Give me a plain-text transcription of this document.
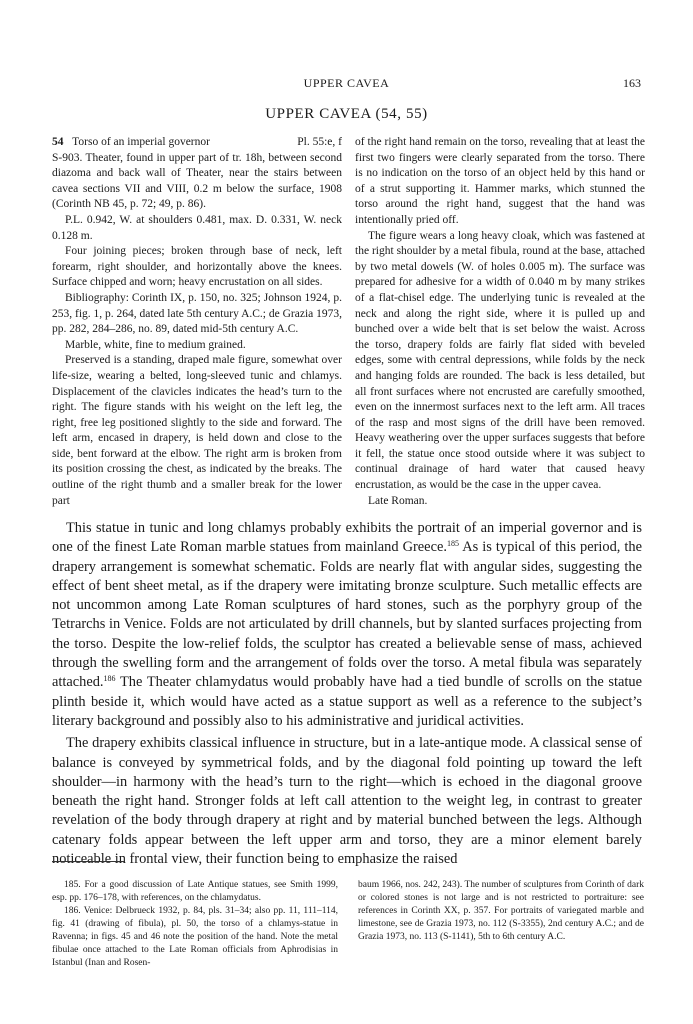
UPPER CAVEA	163
UPPER CAVEA (54, 55)
54 Torso of an imperial governor	Pl. 55:e, f

S-903. Theater, found in upper part of tr. 18h, between second diazoma and back wall of Theater, near the stairs between cavea sections VII and VIII, 0.2 m below the surface, 1908 (Corinth NB 45, p. 72; 49, p. 86).

P.L. 0.942, W. at shoulders 0.481, max. D. 0.331, W. neck 0.128 m.

Four joining pieces; broken through base of neck, left forearm, right shoulder, and horizontally above the knees. Surface chipped and worn; heavy encrustation on all sides.

Bibliography: Corinth IX, p. 150, no. 325; Johnson 1924, p. 253, fig. 1, p. 264, dated late 5th century A.C.; de Grazia 1973, pp. 282, 284–286, no. 89, dated mid-5th century A.C.

Marble, white, fine to medium grained.

Preserved is a standing, draped male figure, somewhat over life-size, wearing a belted, long-sleeved tunic and chlamys. Displacement of the clavicles indicates the head’s turn to the right. The figure stands with his weight on the left leg, the right, free leg positioned slightly to the side and forward. The left arm, encased in drapery, is held down and close to the side, bent forward at the elbow. The right arm is broken from its position crossing the chest, as indicated by the breaks. The outline of the right thumb and a smaller break for the lower part

of the right hand remain on the torso, revealing that at least the first two fingers were clearly separated from the torso. There is no indication on the torso of an object held by this hand or of a strut supporting it. Hammer marks, which stunned the torso around the right hand, suggest that the hand was intentionally pried off.

The figure wears a long heavy cloak, which was fastened at the right shoulder by a metal fibula, round at the base, attached by two metal dowels (W. of holes 0.005 m). The surface was prepared for adhesive for a width of 0.040 m by many strikes of a flat-chisel edge. The underlying tunic is revealed at the neck and along the right side, where it is pulled up and bunched over a wide belt that is set below the waist. Across the torso, drapery folds are fairly flat sided with beveled edges, some with central depressions, while folds by the neck and hanging folds are rounded. The back is less detailed, but all front surfaces where not encrusted are carefully smoothed, even on the innermost surfaces next to the left arm. All traces of the rasp and most signs of the drill have been removed. Heavy weathering over the upper surfaces suggests that before it fell, the statue once stood outside where it was subject to continual drainage of hard water that caused heavy encrustation, as would be the case in the upper cavea.

Late Roman.

This statue in tunic and long chlamys probably exhibits the portrait of an imperial governor and is one of the finest Late Roman marble statues from mainland Greece.$^{185}$ As is typical of this period, the drapery arrangement is somewhat schematic. Folds are nearly flat with angular sides, suggesting the effect of bent sheet metal, as if the drapery were imitating bronze sculpture. Such metallic effects are not uncommon among Late Roman sculptures of hard stones, such as the porphyry group of the Tetrarchs in Venice. Folds are not articulated by drill channels, but by slanted surfaces projecting from the torso. Despite the low-relief folds, the sculptor has created a believable sense of mass, achieved through the swelling form and the arrangement of folds over the torso. A metal fibula was separately attached.$^{186}$ The Theater chlamydatus would probably have had a tied bundle of scrolls on the statue plinth beside it, which would have acted as a statue support as well as a reference to the subject’s literary background and possibly also to his administrative and juridical activities.

The drapery exhibits classical influence in structure, but in a late-antique mode. A classical sense of balance is conveyed by symmetrical folds, and by the diagonal fold pointing up toward the left shoulder—in harmony with the head’s turn to the right—which is echoed in the diagonal groove beneath the right hand. Stronger folds at left call attention to the weight leg, in contrast to greater revelation of the body through drapery at right and by material bunched between the legs. Although catenary folds appear between the left upper arm and torso, they are a minor element barely noticeable in frontal view, their function being to emphasize the raised

185. For a good discussion of Late Antique statues, see Smith 1999, esp. pp. 176–178, with references, on the chlamydatus.

186. Venice: Delbrueck 1932, p. 84, pls. 31–34; also pp. 11, 111–114, fig. 41 (drawing of fibula), pl. 50, the torso of a chlamys-statue in Ravenna; in figs. 45 and 46 note the position of the hand. Note the metal fibulae once attached to the Late Roman officials from Aphrodisias in Istanbul (Inan and Rosen-

baum 1966, nos. 242, 243). The number of sculptures from Corinth of dark or colored stones is not large and is not restricted to portraiture: see references in Corinth XX, p. 357. For portraits of variegated marble and limestone, see de Grazia 1973, no. 112 (S-3355), 2nd century A.C.; and de Grazia 1973, no. 113 (S-1141), 5th to 6th century A.C.
